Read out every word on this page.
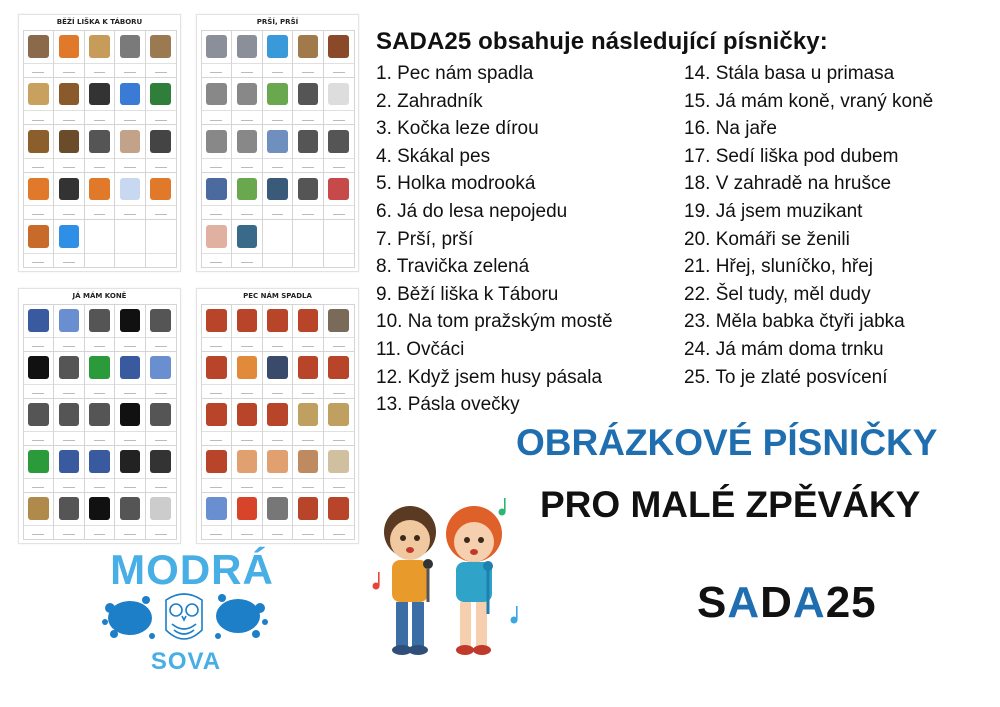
BĚŽÍ LIŠKA K TÁBORU	PRŠÍ, PRŠÍ
JÁ MÁM KONĚ	PEC NÁM SPADLA
SADA25 obsahuje následující písničky:
1. Pec nám spadla
2. Zahradník
3. Kočka leze dírou
4. Skákal pes
5. Holka modrooká
6. Já do lesa nepojedu
7. Prší, prší
8. Travička zelená
9. Běží liška k Táboru
10. Na tom pražským mostě
11. Ovčáci
12. Když jsem husy pásala
13. Pásla ovečky
14. Stála basa u primasa
15. Já mám koně, vraný koně
16. Na jaře
17. Sedí liška pod dubem
18. V zahradě na hrušce
19. Já jsem muzikant
20. Komáři se ženili
21. Hřej, sluníčko, hřej
22. Šel tudy, měl dudy
23. Měla babka čtyři jabka
24. Já mám doma trnku
25. To je zlaté posvícení
OBRÁZKOVÉ PÍSNIČKY
PRO MALÉ ZPĚVÁKY
SADA25
MODRÁ
SOVA
